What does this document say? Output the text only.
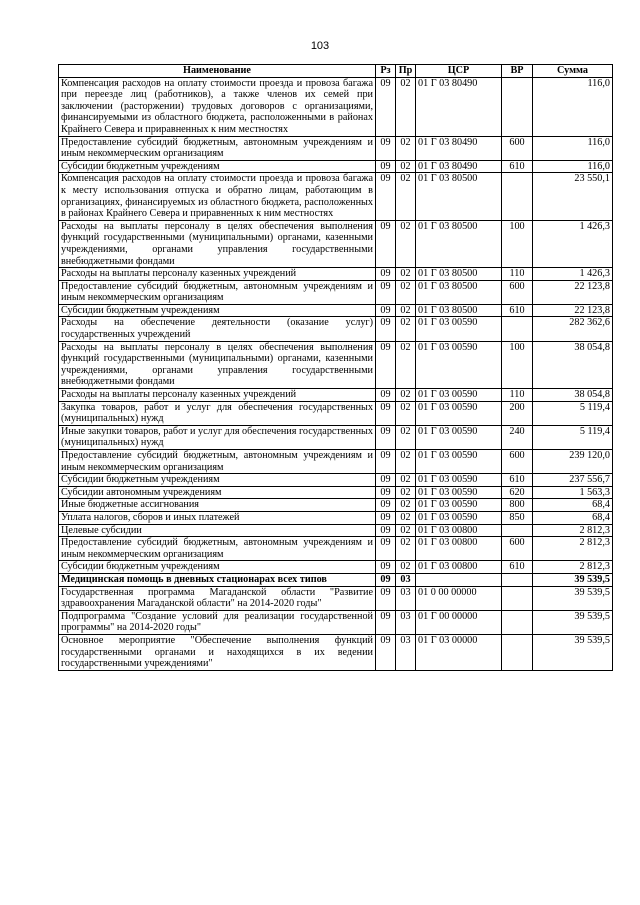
103
Наименование	Рз	Пр	ЦСР	ВР	Сумма
Компенсация расходов на оплату стоимости проезда и провоза багажа при переезде лиц (работников), а также членов их семей при заключении (расторжении) трудовых договоров с организациями, финансируемыми из областного бюджета, расположенными в районах Крайнего Севера и приравненных к ним местностях	09	02	01 Г 03 80490		116,0
Предоставление субсидий бюджетным, автономным учреждениям и иным некоммерческим организациям	09	02	01 Г 03 80490	600	116,0
Субсидии бюджетным учреждениям	09	02	01 Г 03 80490	610	116,0
Компенсация расходов на оплату стоимости проезда и провоза багажа к месту использования отпуска и обратно лицам, работающим в организациях, финансируемых из областного бюджета, расположенных в районах Крайнего Севера и приравненных к ним местностях	09	02	01 Г 03 80500		23 550,1
Расходы на выплаты персоналу в целях обеспечения выполнения функций государственными (муниципальными) органами, казенными учреждениями, органами управления государственными внебюджетными фондами	09	02	01 Г 03 80500	100	1 426,3
Расходы на выплаты персоналу казенных учреждений	09	02	01 Г 03 80500	110	1 426,3
Предоставление субсидий бюджетным, автономным учреждениям и иным некоммерческим организациям	09	02	01 Г 03 80500	600	22 123,8
Субсидии бюджетным учреждениям	09	02	01 Г 03 80500	610	22 123,8
Расходы на обеспечение деятельности (оказание услуг) государственных учреждений	09	02	01 Г 03 00590		282 362,6
Расходы на выплаты персоналу в целях обеспечения выполнения функций государственными (муниципальными) органами, казенными учреждениями, органами управления государственными внебюджетными фондами	09	02	01 Г 03 00590	100	38 054,8
Расходы на выплаты персоналу казенных учреждений	09	02	01 Г 03 00590	110	38 054,8
Закупка товаров, работ и услуг для обеспечения государственных (муниципальных) нужд	09	02	01 Г 03 00590	200	5 119,4
Иные закупки товаров, работ и услуг для обеспечения государственных (муниципальных) нужд	09	02	01 Г 03 00590	240	5 119,4
Предоставление субсидий бюджетным, автономным учреждениям и иным некоммерческим организациям	09	02	01 Г 03 00590	600	239 120,0
Субсидии бюджетным учреждениям	09	02	01 Г 03 00590	610	237 556,7
Субсидии автономным учреждениям	09	02	01 Г 03 00590	620	1 563,3
Иные бюджетные ассигнования	09	02	01 Г 03 00590	800	68,4
Уплата налогов, сборов и иных платежей	09	02	01 Г 03 00590	850	68,4
Целевые субсидии	09	02	01 Г 03 00800		2 812,3
Предоставление субсидий бюджетным, автономным учреждениям и иным некоммерческим организациям	09	02	01 Г 03 00800	600	2 812,3
Субсидии бюджетным учреждениям	09	02	01 Г 03 00800	610	2 812,3
Медицинская помощь в дневных стационарах всех типов	09	03			39 539,5
Государственная программа Магаданской области "Развитие здравоохранения Магаданской области" на 2014-2020 годы"	09	03	01 0 00 00000		39 539,5
Подпрограмма "Создание условий для реализации государственной программы" на 2014-2020 годы"	09	03	01 Г 00 00000		39 539,5
Основное мероприятие "Обеспечение выполнения функций государственными органами и находящихся в их ведении государственными учреждениями"	09	03	01 Г 03 00000		39 539,5
